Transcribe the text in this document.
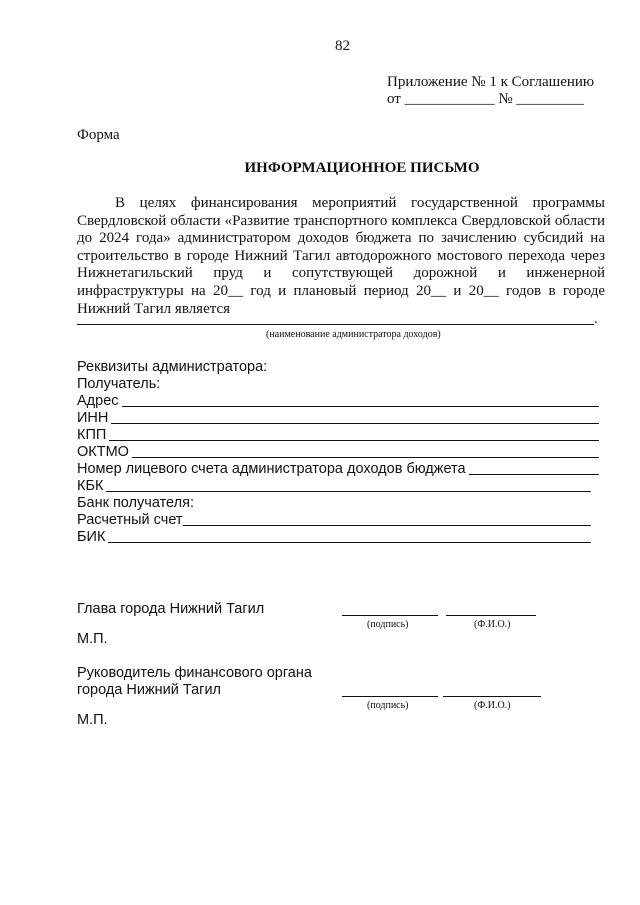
82
Приложение № 1 к Соглашению
от ____________ № _________
Форма
ИНФОРМАЦИОННОЕ ПИСЬМО
В целях финансирования мероприятий государственной программы Свердловской области «Развитие транспортного комплекса Свердловской области до 2024 года» администратором доходов бюджета по зачислению субсидий на строительство в городе Нижний Тагил автодорожного мостового перехода через Нижнетагильский пруд и сопутствующей дорожной и инженерной инфраструктуры на 20__ год и плановый период 20__ и 20__ годов в городе Нижний Тагил является
.
(наименование администратора доходов)
Реквизиты администратора:
Получатель:
Адрес
ИНН
КПП
ОКТМО
Номер лицевого счета администратора доходов бюджета
КБК
Банк получателя:
Расчетный счет
БИК
Глава города Нижний Тагил
(подпись)	(Ф.И.О.)
М.П.
Руководитель финансового органа
города Нижний Тагил
(подпись)	(Ф.И.О.)
М.П.
